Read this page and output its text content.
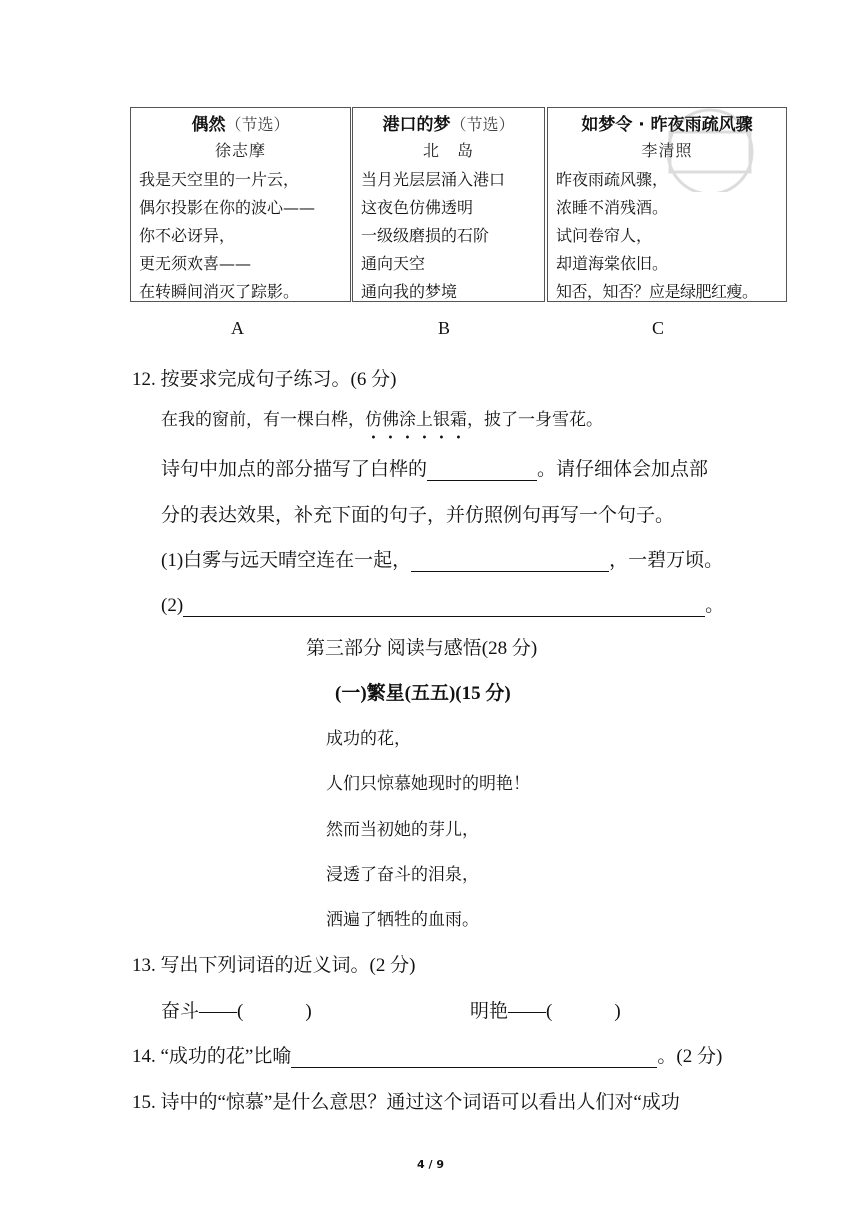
偶然（节选）
徐志摩
我是天空里的一片云，
偶尔投影在你的波心——
你不必讶异，
更无须欢喜——
在转瞬间消灭了踪影。
港口的梦（节选）
北　岛
当月光层层涌入港口
这夜色仿佛透明
一级级磨损的石阶
通向天空
通向我的梦境
如梦令 · 昨夜雨疏风骤
李清照
昨夜雨疏风骤，
浓睡不消残酒。
试问卷帘人，
却道海棠依旧。
知否，知否？应是绿肥红瘦。
A	B	C
12. 按要求完成句子练习。(6 分)
在我的窗前，有一棵白桦，仿佛涂上银霜，披了一身雪花。
诗句中加点的部分描写了白桦的	。请仔细体会加点部
分的表达效果，补充下面的句子，并仿照例句再写一个句子。
(1)白雾与远天晴空连在一起，	，一碧万顷。
(2)	。
第三部分 阅读与感悟(28 分)
(一)繁星(五五)(15 分)
成功的花，
人们只惊慕她现时的明艳！
然而当初她的芽儿，
浸透了奋斗的泪泉，
洒遍了牺牲的血雨。
13. 写出下列词语的近义词。(2 分)
奋斗——(	)	明艳——(	)
14. “成功的花”比喻	。(2 分)
15. 诗中的“惊慕”是什么意思？通过这个词语可以看出人们对“成功
4 / 9
